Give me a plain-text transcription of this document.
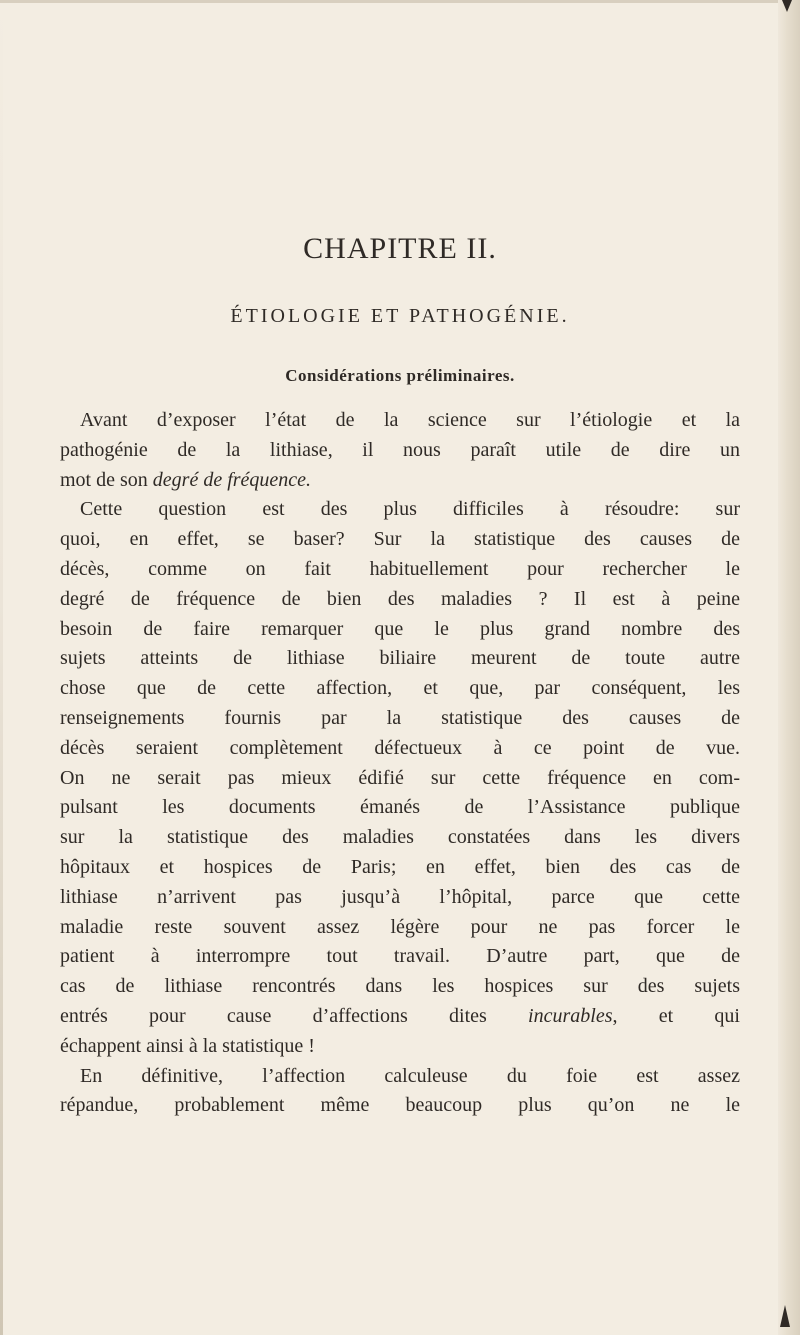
CHAPITRE II.
ÉTIOLOGIE ET PATHOGÉNIE.
Considérations préliminaires.
Avant d’exposer l’état de la science sur l’étiologie et la
pathogénie de la lithiase, il nous paraît utile de dire un
mot de son degré de fréquence.
Cette question est des plus difficiles à résoudre: sur
quoi, en effet, se baser? Sur la statistique des causes de
décès, comme on fait habituellement pour rechercher le
degré de fréquence de bien des maladies ? Il est à peine
besoin de faire remarquer que le plus grand nombre des
sujets atteints de lithiase biliaire meurent de toute autre
chose que de cette affection, et que, par conséquent, les
renseignements fournis par la statistique des causes de
décès seraient complètement défectueux à ce point de vue.
On ne serait pas mieux édifié sur cette fréquence en com-
pulsant les documents émanés de l’Assistance publique
sur la statistique des maladies constatées dans les divers
hôpitaux et hospices de Paris; en effet, bien des cas de
lithiase n’arrivent pas jusqu’à l’hôpital, parce que cette
maladie reste souvent assez légère pour ne pas forcer le
patient à interrompre tout travail. D’autre part, que de
cas de lithiase rencontrés dans les hospices sur des sujets
entrés pour cause d’affections dites incurables, et qui
échappent ainsi à la statistique !
En définitive, l’affection calculeuse du foie est assez
répandue, probablement même beaucoup plus qu’on ne le
